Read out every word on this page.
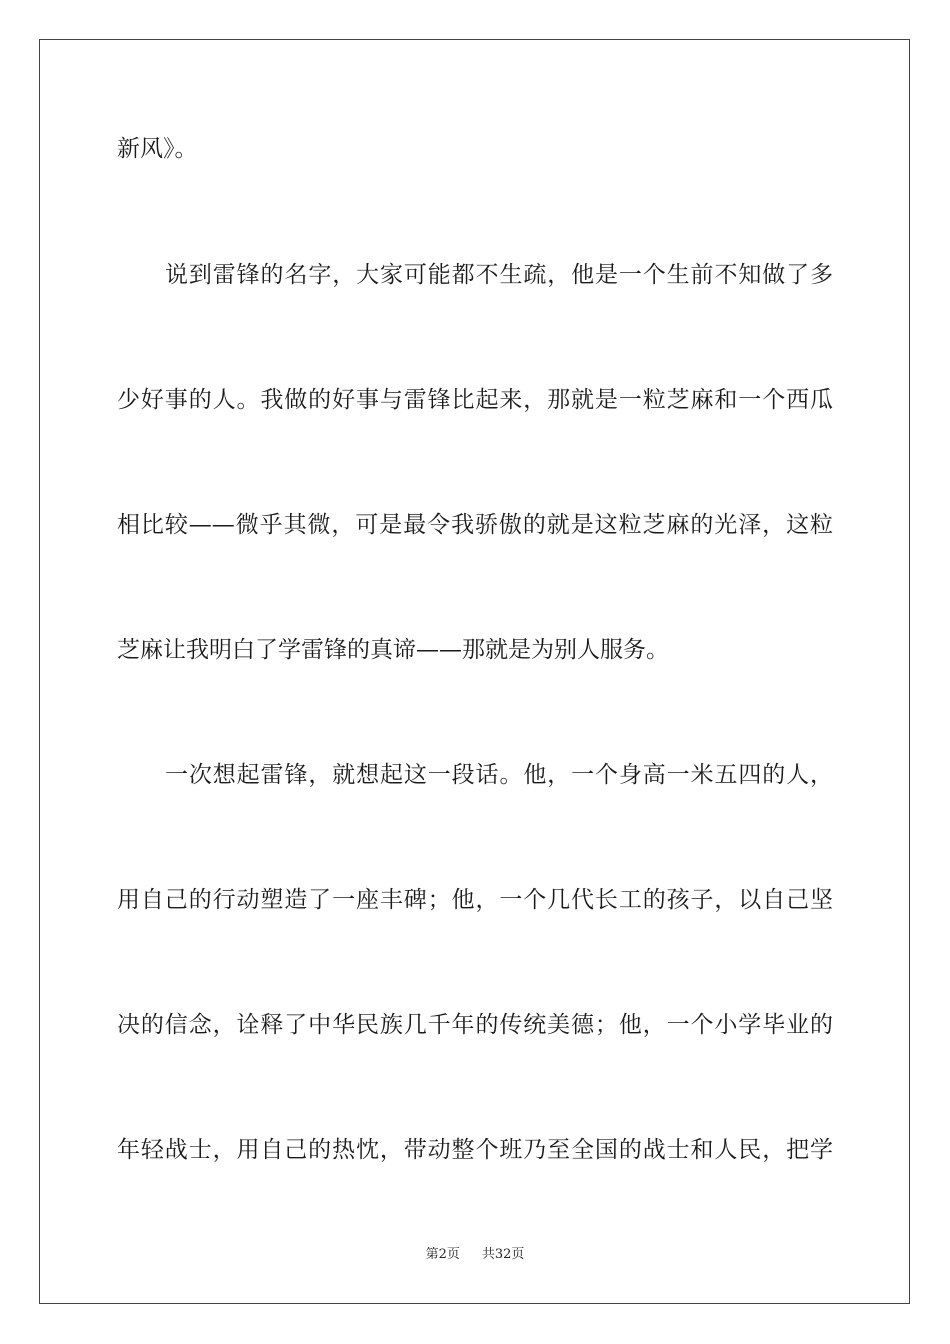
新风》。
说到雷锋的名字，大家可能都不生疏，他是一个生前不知做了多
少好事的人。我做的好事与雷锋比起来，那就是一粒芝麻和一个西瓜
相比较——微乎其微，可是最令我骄傲的就是这粒芝麻的光泽，这粒
芝麻让我明白了学雷锋的真谛——那就是为别人服务。
一次想起雷锋，就想起这一段话。他，一个身高一米五四的人，
用自己的行动塑造了一座丰碑；他，一个几代长工的孩子，以自己坚
决的信念，诠释了中华民族几千年的传统美德；他，一个小学毕业的
年轻战士，用自己的热忱，带动整个班乃至全国的战士和人民，把学
第2页 共32页
